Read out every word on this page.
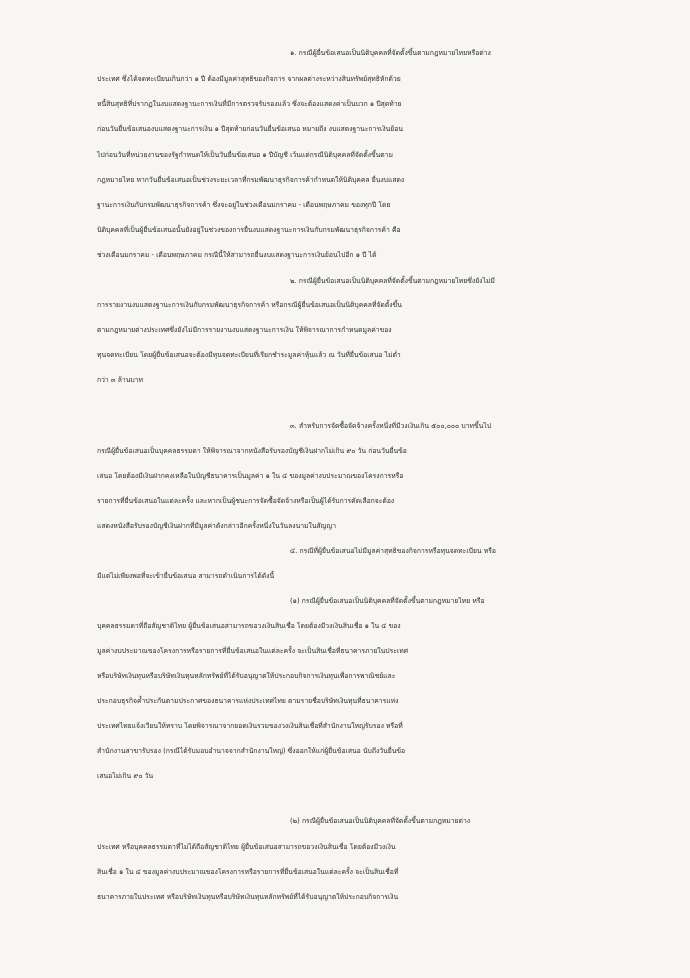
๑. กรณีผู้ยื่นข้อเสนอเป็นนิติบุคคลที่จัดตั้งขึ้นตามกฎหมายไทยหรือต่าง
ประเทศ ซึ่งได้จดทะเบียนเกินกว่า ๑ ปี ต้องมีมูลค่าสุทธิของกิจการ จากผลต่างระหว่างสินทรัพย์สุทธิหักด้วย
หนี้สินสุทธิที่ปรากฏในงบแสดงฐานะการเงินที่มีการตรวจรับรองแล้ว ซึ่งจะต้องแสดงค่าเป็นบวก ๑ ปีสุดท้าย
ก่อนวันยื่นข้อเสนองบแสดงฐานะการเงิน ๑ ปีสุดท้ายก่อนวันยื่นข้อเสนอ หมายถึง งบแสดงฐานะการเงินย้อน
ไปก่อนวันที่หน่วยงานของรัฐกำหนดให้เป็นวันยื่นข้อเสนอ ๑ ปีบัญชี เว้นแต่กรณีนิติบุคคลที่จัดตั้งขึ้นตาม
กฎหมายไทย หากวันยื่นข้อเสนอเป็นช่วงระยะเวลาที่กรมพัฒนาธุรกิจการค้ากำหนดให้นิติบุคคล ยื่นงบแสดง
ฐานะการเงินกับกรมพัฒนาธุรกิจการค้า ซึ่งจะอยู่ในช่วงเดือนมกราคม - เดือนพฤษภาคม ของทุกปี โดย
นิติบุคคลที่เป็นผู้ยื่นข้อเสนอนั้นยังอยู่ในช่วงของการยื่นงบแสดงฐานะการเงินกับกรมพัฒนาธุรกิจการค้า คือ
ช่วงเดือนมกราคม - เดือนพฤษภาคม กรณีนี้ให้สามารถยื่นงบแสดงฐานะการเงินย้อนไปอีก ๑ ปี ได้
๒. กรณีผู้ยื่นข้อเสนอเป็นนิติบุคคลที่จัดตั้งขึ้นตามกฎหมายไทยซึ่งยังไม่มี
การรายงานงบแสดงฐานะการเงินกับกรมพัฒนาธุรกิจการค้า หรือกรณีผู้ยื่นข้อเสนอเป็นนิติบุคคลที่จัดตั้งขึ้น
ตามกฎหมายต่างประเทศซึ่งยังไม่มีการรายงานงบแสดงฐานะการเงิน ให้พิจารณาการกำหนดมูลค่าของ
ทุนจดทะเบียน โดยผู้ยื่นข้อเสนอจะต้องมีทุนจดทะเบียนที่เรียกชำระมูลค่าหุ้นแล้ว ณ วันที่ยื่นข้อเสนอ ไม่ต่ำ
กว่า ๓ ล้านบาท
๓. สำหรับการจัดซื้อจัดจ้างครั้งหนึ่งที่มีวงเงินเกิน ๕๐๐,๐๐๐ บาทขึ้นไป
กรณีผู้ยื่นข้อเสนอเป็นบุคคลธรรมดา ให้พิจารณาจากหนังสือรับรองบัญชีเงินฝากไม่เกิน ๙๐ วัน ก่อนวันยื่นข้อ
เสนอ โดยต้องมีเงินฝากคงเหลือในบัญชีธนาคารเป็นมูลค่า ๑ ใน ๔ ของมูลค่างบประมาณของโครงการหรือ
รายการที่ยื่นข้อเสนอในแต่ละครั้ง และหากเป็นผู้ชนะการจัดซื้อจัดจ้างหรือเป็นผู้ได้รับการคัดเลือกจะต้อง
แสดงหนังสือรับรองบัญชีเงินฝากที่มีมูลค่าดังกล่าวอีกครั้งหนึ่งในวันลงนามในสัญญา
๔. กรณีที่ผู้ยื่นข้อเสนอไม่มีมูลค่าสุทธิของกิจการหรือทุนจดทะเบียน หรือ
มีแต่ไม่เพียงพอที่จะเข้ายื่นข้อเสนอ สามารถดำเนินการได้ดังนี้
(๑) กรณีผู้ยื่นข้อเสนอเป็นนิติบุคคลที่จัดตั้งขึ้นตามกฎหมายไทย หรือ
บุคคลธรรมดาที่ถือสัญชาติไทย ผู้ยื่นข้อเสนอสามารถขอวงเงินสินเชื่อ โดยต้องมีวงเงินสินเชื่อ ๑ ใน ๔ ของ
มูลค่างบประมาณของโครงการหรือรายการที่ยื่นข้อเสนอในแต่ละครั้ง จะเป็นสินเชื่อที่ธนาคารภายในประเทศ
หรือบริษัทเงินทุนหรือบริษัทเงินทุนหลักทรัพย์ที่ได้รับอนุญาตให้ประกอบกิจการเงินทุนเพื่อการพาณิชย์และ
ประกอบธุรกิจค้ำประกันตามประกาศของธนาคารแห่งประเทศไทย ตามรายชื่อบริษัทเงินทุนที่ธนาคารแห่ง
ประเทศไทยแจ้งเวียนให้ทราบ โดยพิจารณาจากยอดเงินรวมของวงเงินสินเชื่อที่สำนักงานใหญ่รับรอง หรือที่
สำนักงานสาขารับรอง (กรณีได้รับมอบอำนาจจากสำนักงานใหญ่) ซึ่งออกให้แก่ผู้ยื่นข้อเสนอ นับถึงวันยื่นข้อ
เสนอไม่เกิน ๙๐ วัน
(๒) กรณีผู้ยื่นข้อเสนอเป็นนิติบุคคลที่จัดตั้งขึ้นตามกฎหมายต่าง
ประเทศ หรือบุคคลธรรมดาที่ไม่ได้ถือสัญชาติไทย ผู้ยื่นข้อเสนอสามารถขอวงเงินสินเชื่อ โดยต้องมีวงเงิน
สินเชื่อ ๑ ใน ๔ ของมูลค่างบประมาณของโครงการหรือรายการที่ยื่นข้อเสนอในแต่ละครั้ง จะเป็นสินเชื่อที่
ธนาคารภายในประเทศ หรือบริษัทเงินทุนหรือบริษัทเงินทุนหลักทรัพย์ที่ได้รับอนุญาตให้ประกอบกิจการเงิน
